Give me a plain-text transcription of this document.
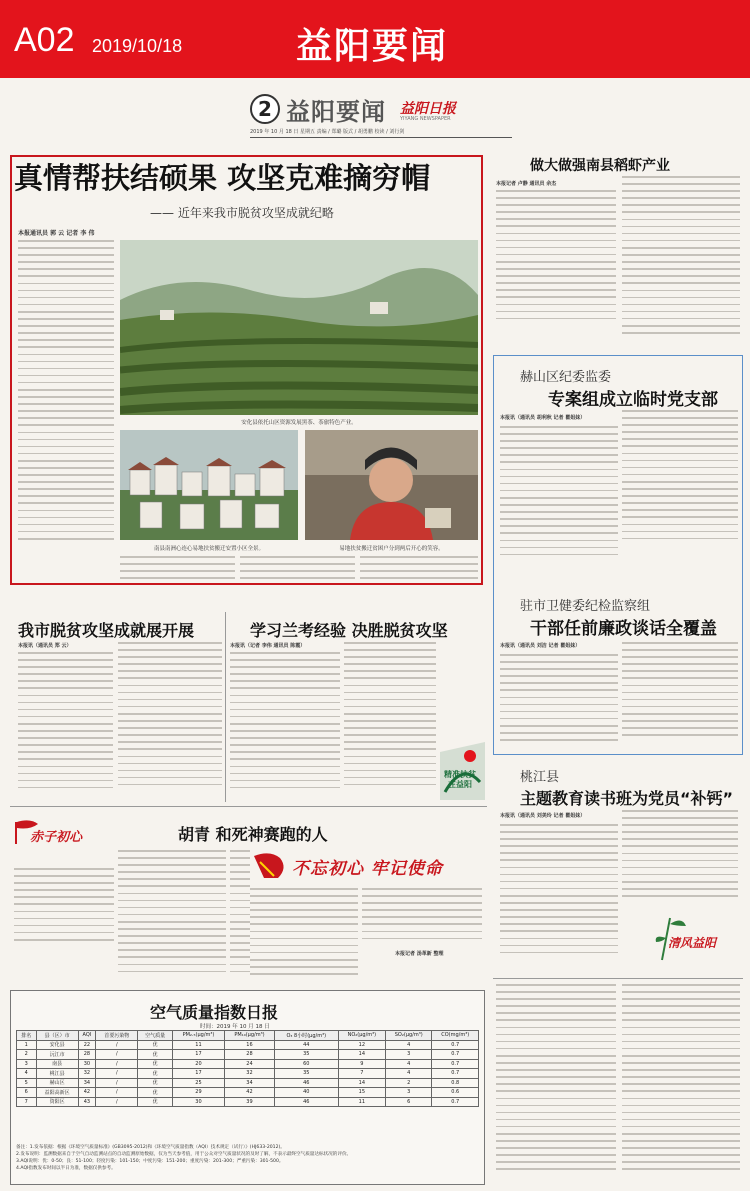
A02 2019/10/18	益阳要闻
2 益阳要闻	YIYANG NEWSPAPER
益阳日报
2019 年 10 月 18 日 星期五 责编 / 郑璐 版式 / 胡勇鹏 校读 / 刘行剑
真情帮扶结硕果 攻坚克难摘穷帽
—— 近年来我市脱贫攻坚成就纪略
本报通讯员 郭 云 记者 李 伟
安化县依托山区资源发展黑茶、茶旅特色产业。
南县南洲心连心易地扶贫搬迁安置小区全景。	易地扶贫搬迁贫困户分到两后开心的笑容。
我市脱贫攻坚成就展开展
本报讯（通讯员 郑 云）
学习兰考经验 决胜脱贫攻坚
本报讯（记者 李伟 通讯员 陈霞）
精准扶贫
在益阳
赤子初心	胡青 和死神赛跑的人
不忘初心 牢记使命
本报记者 汤革新 整理
空气质量指数日报
时间：2019 年 10 月 18 日
排名	县（区）市	AQI	首要污染物	空气质量	PM₂.₅(μg/m³)	PM₁₀(μg/m³)	O₃ 8小时(μg/m³)	NO₂(μg/m³)	SO₂(μg/m³)	CO(mg/m³)
1	安化县	22	/	优	11	16	44	12	4	0.7
2	沅江市	28	/	优	17	28	35	14	3	0.7
3	南县	30	/	优	20	24	60	9	4	0.7
4	桃江县	32	/	优	17	32	35	7	4	0.7
5	赫山区	34	/	优	25	34	46	14	2	0.8
6	益阳高新区	42	/	优	29	42	40	15	3	0.6
7	资阳区	43	/	优	30	39	46	11	6	0.7
备注：1.发布依据：根据《环境空气质量标准》(GB3095-2012)和《环境空气质量指数（AQI）技术规定（试行）》(HJ633-2012)。
2.发布说明：监测数据来自于空气自动监测站点的自动监测原始数据，仅为当天参考值，用于公众对空气质量状况的及时了解，不表示最终空气质量达标状况的评价。
3.AQI说明：优：0-50；良：51-100；轻度污染：101-150；中度污染：151-200；重度污染：201-300；严重污染：301-500。
4.AQI指数发布时间以半日为准，数据仅供参考。
做大做强南县稻虾产业
本报记者 卢静 通讯员 余杰
赫山区纪委监委
专案组成立临时党支部
本报讯（通讯员 胡利秋 记者 瞿姐妹）
驻市卫健委纪检监察组
干部任前廉政谈话全覆盖
本报讯（通讯员 刘洁 记者 瞿姐妹）
桃江县
主题教育读书班为党员“补钙”
本报讯（通讯员 刘美玲 记者 瞿姐妹）
清风益阳
